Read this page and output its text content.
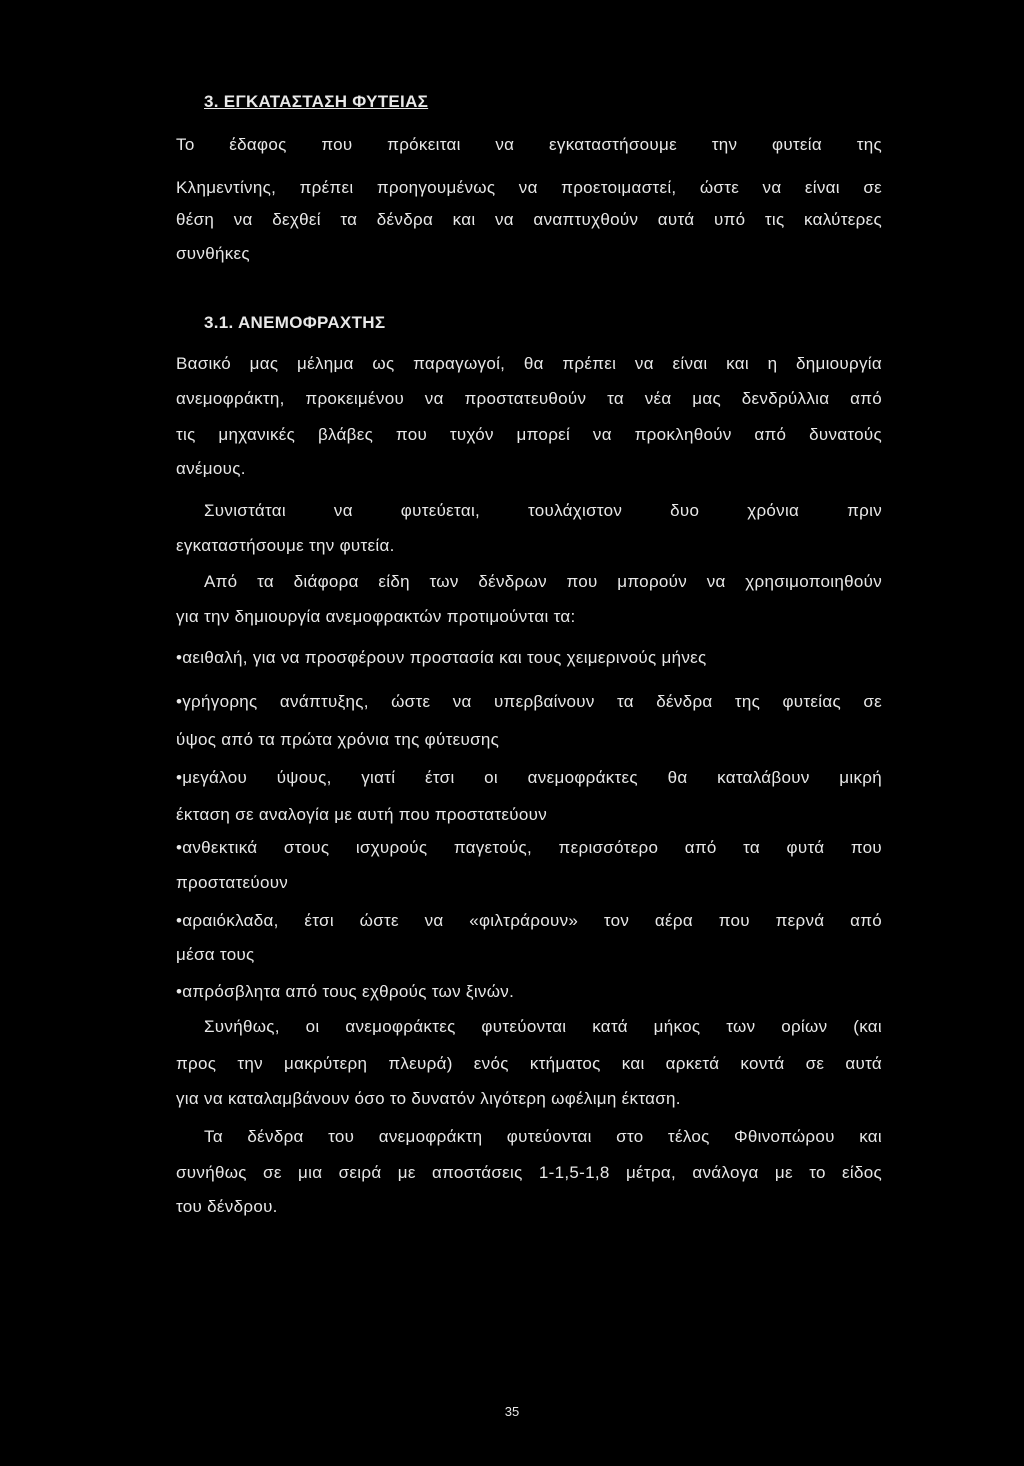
3. ΕΓΚΑΤΑΣΤΑΣΗ ΦΥΤΕΙΑΣ
Το έδαφος που πρόκειται να εγκαταστήσουμε την φυτεία της
Κλημεντίνης, πρέπει προηγουμένως να προετοιμαστεί, ώστε να είναι σε
θέση να δεχθεί τα δένδρα και να αναπτυχθούν αυτά υπό τις καλύτερες
συνθήκες
3.1. ΑΝΕΜΟΦΡΑΧΤΗΣ
Βασικό μας μέλημα ως παραγωγοί, θα πρέπει να είναι και η δημιουργία
ανεμοφράκτη, προκειμένου να προστατευθούν τα νέα μας δενδρύλλια από
τις μηχανικές βλάβες που τυχόν μπορεί να προκληθούν από δυνατούς
ανέμους.
Συνιστάται να φυτεύεται, τουλάχιστον δυο χρόνια πριν
εγκαταστήσουμε την φυτεία.
Από τα διάφορα είδη των δένδρων που μπορούν να χρησιμοποιηθούν
για την δημιουργία ανεμοφρακτών προτιμούνται τα:
•αειθαλή, για να προσφέρουν προστασία και τους χειμερινούς μήνες
•γρήγορης ανάπτυξης, ώστε να υπερβαίνουν τα δένδρα της φυτείας σε
ύψος από τα πρώτα χρόνια της φύτευσης
•μεγάλου ύψους, γιατί έτσι οι ανεμοφράκτες θα καταλάβουν μικρή
έκταση σε αναλογία με αυτή που προστατεύουν
•ανθεκτικά στους ισχυρούς παγετούς, περισσότερο από τα φυτά που
προστατεύουν
•αραιόκλαδα, έτσι ώστε να «φιλτράρουν» τον αέρα που περνά από
μέσα τους
•απρόσβλητα από τους εχθρούς των ξινών.
Συνήθως, οι ανεμοφράκτες φυτεύονται κατά μήκος των ορίων (και
προς την μακρύτερη πλευρά) ενός κτήματος και αρκετά κοντά σε αυτά
για να καταλαμβάνουν όσο το δυνατόν λιγότερη ωφέλιμη έκταση.
Τα δένδρα του ανεμοφράκτη φυτεύονται στο τέλος Φθινοπώρου και
συνήθως σε μια σειρά με αποστάσεις 1-1,5-1,8 μέτρα, ανάλογα με το είδος
του δένδρου.
35
